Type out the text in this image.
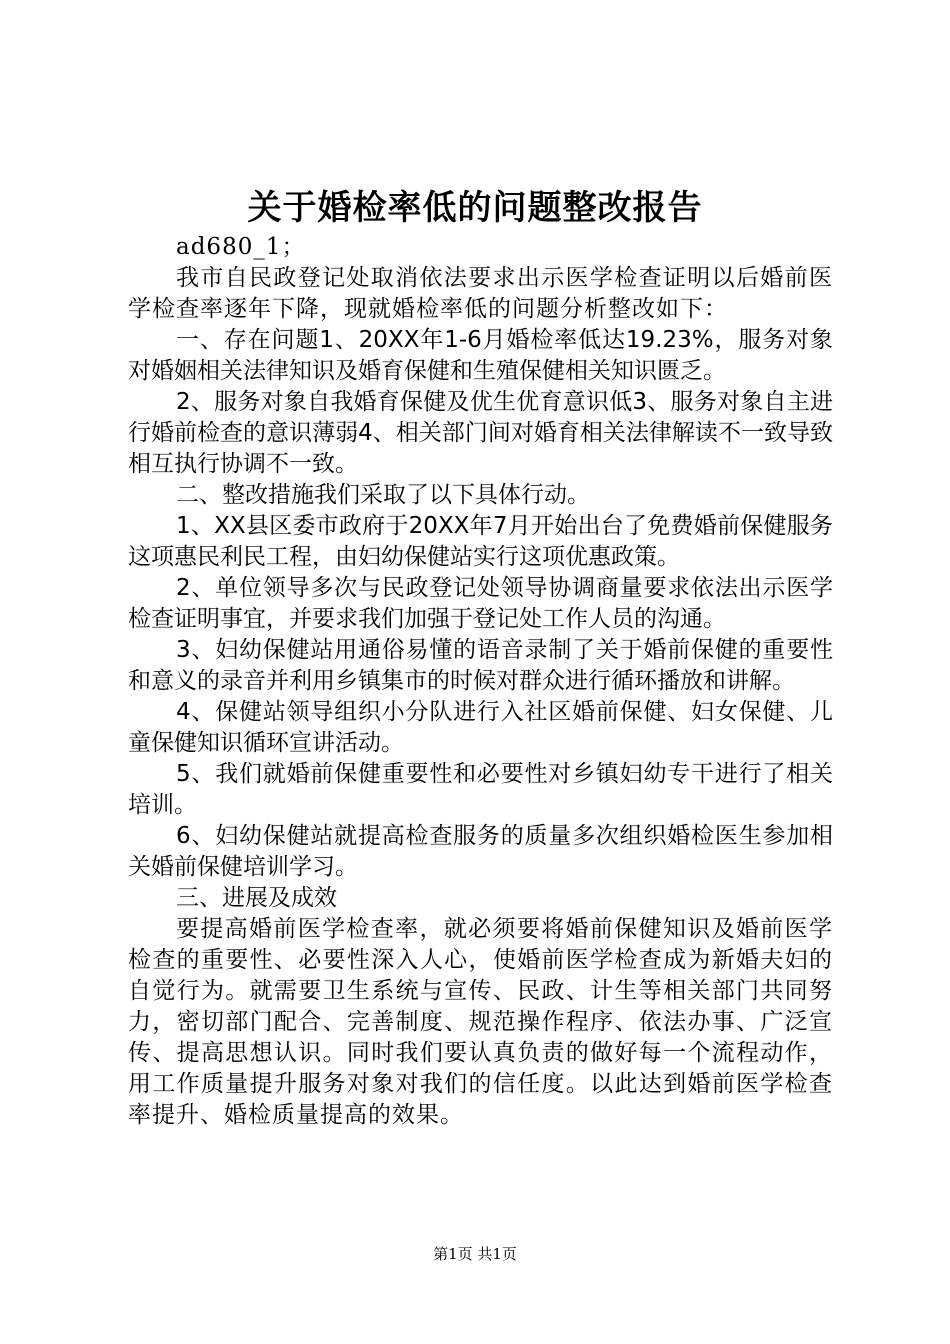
关于婚检率低的问题整改报告

ad680_1；

我市自民政登记处取消依法要求出示医学检查证明以后婚前医学检查率逐年下降，现就婚检率低的问题分析整改如下：

一、存在问题1、20XX年1-6月婚检率低达19.23%，服务对象对婚姻相关法律知识及婚育保健和生殖保健相关知识匮乏。

2、服务对象自我婚育保健及优生优育意识低3、服务对象自主进行婚前检查的意识薄弱4、相关部门间对婚育相关法律解读不一致导致相互执行协调不一致。

二、整改措施我们采取了以下具体行动。

1、XX县区委市政府于20XX年7月开始出台了免费婚前保健服务这项惠民利民工程，由妇幼保健站实行这项优惠政策。

2、单位领导多次与民政登记处领导协调商量要求依法出示医学检查证明事宜，并要求我们加强于登记处工作人员的沟通。

3、妇幼保健站用通俗易懂的语音录制了关于婚前保健的重要性和意义的录音并利用乡镇集市的时候对群众进行循环播放和讲解。

4、保健站领导组织小分队进行入社区婚前保健、妇女保健、儿童保健知识循环宣讲活动。

5、我们就婚前保健重要性和必要性对乡镇妇幼专干进行了相关培训。

6、妇幼保健站就提高检查服务的质量多次组织婚检医生参加相关婚前保健培训学习。

三、进展及成效

要提高婚前医学检查率，就必须要将婚前保健知识及婚前医学检查的重要性、必要性深入人心，使婚前医学检查成为新婚夫妇的自觉行为。就需要卫生系统与宣传、民政、计生等相关部门共同努力，密切部门配合、完善制度、规范操作程序、依法办事、广泛宣传、提高思想认识。同时我们要认真负责的做好每一个流程动作，用工作质量提升服务对象对我们的信任度。以此达到婚前医学检查率提升、婚检质量提高的效果。

第1页 共1页
